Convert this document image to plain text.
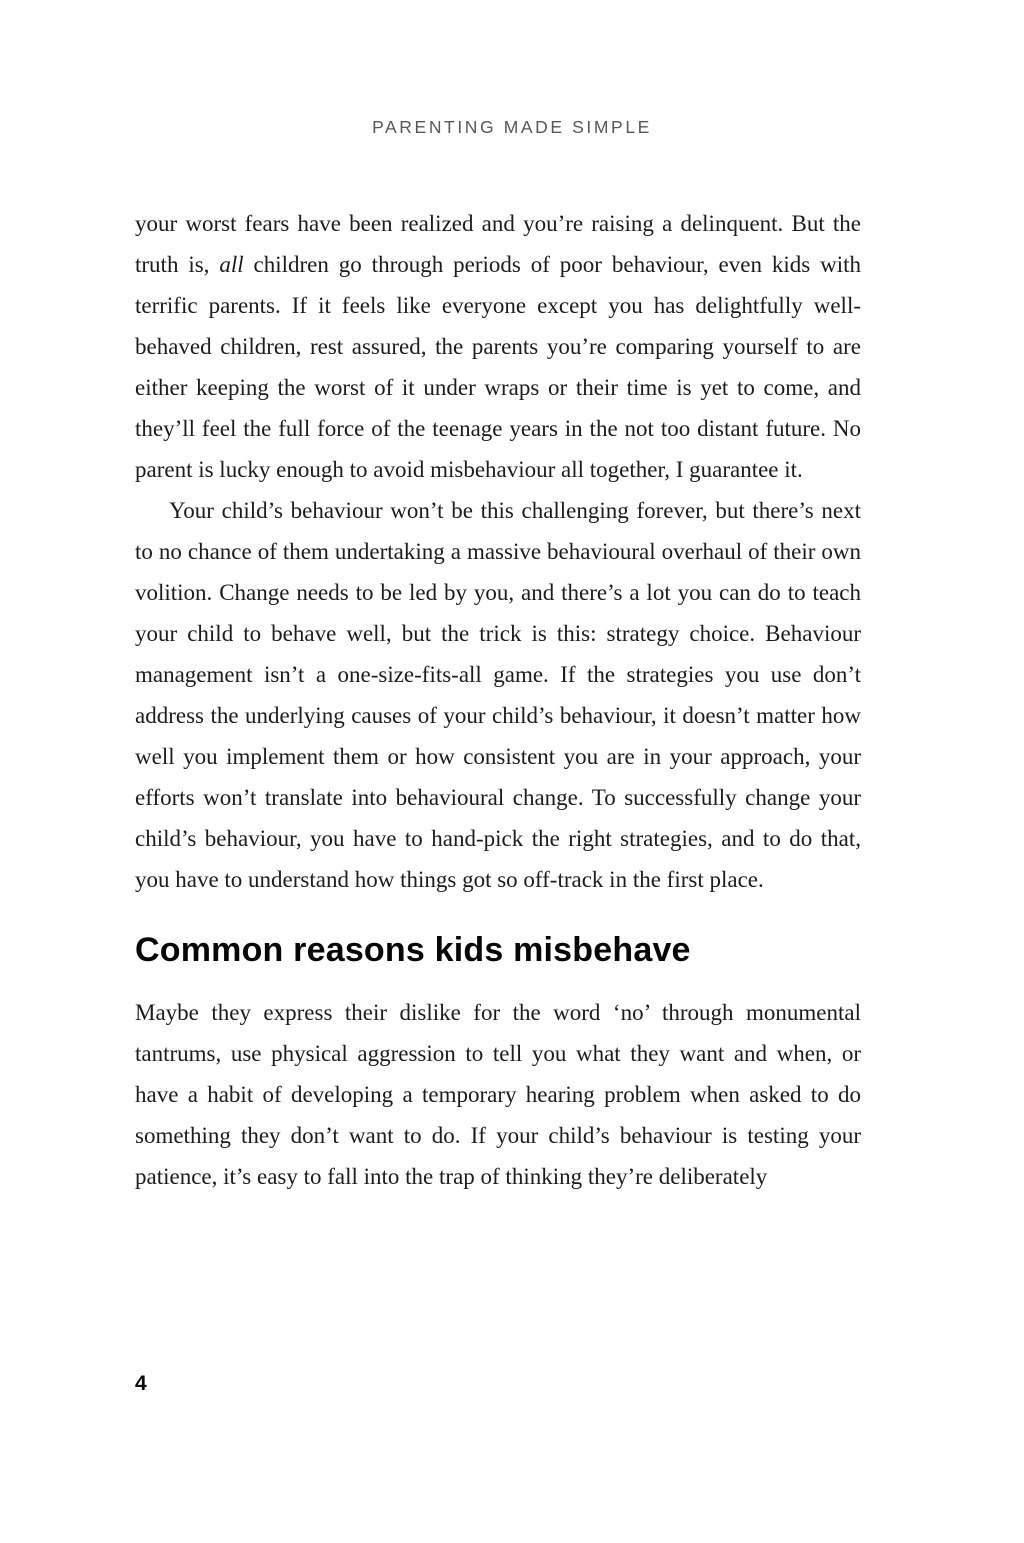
PARENTING MADE SIMPLE

your worst fears have been realized and you’re raising a delinquent. But the truth is, all children go through periods of poor behaviour, even kids with terrific parents. If it feels like everyone except you has delightfully well-behaved children, rest assured, the parents you’re comparing yourself to are either keeping the worst of it under wraps or their time is yet to come, and they’ll feel the full force of the teenage years in the not too distant future. No parent is lucky enough to avoid misbehaviour all together, I guarantee it.

Your child’s behaviour won’t be this challenging forever, but there’s next to no chance of them undertaking a massive behavioural overhaul of their own volition. Change needs to be led by you, and there’s a lot you can do to teach your child to behave well, but the trick is this: strategy choice. Behaviour management isn’t a one-size-fits-all game. If the strategies you use don’t address the underlying causes of your child’s behaviour, it doesn’t matter how well you implement them or how consistent you are in your approach, your efforts won’t translate into behavioural change. To successfully change your child’s behaviour, you have to hand-pick the right strategies, and to do that, you have to understand how things got so off-track in the first place.

Common reasons kids misbehave

Maybe they express their dislike for the word ‘no’ through monumental tantrums, use physical aggression to tell you what they want and when, or have a habit of developing a temporary hearing problem when asked to do something they don’t want to do. If your child’s behaviour is testing your patience, it’s easy to fall into the trap of thinking they’re deliberately

4
